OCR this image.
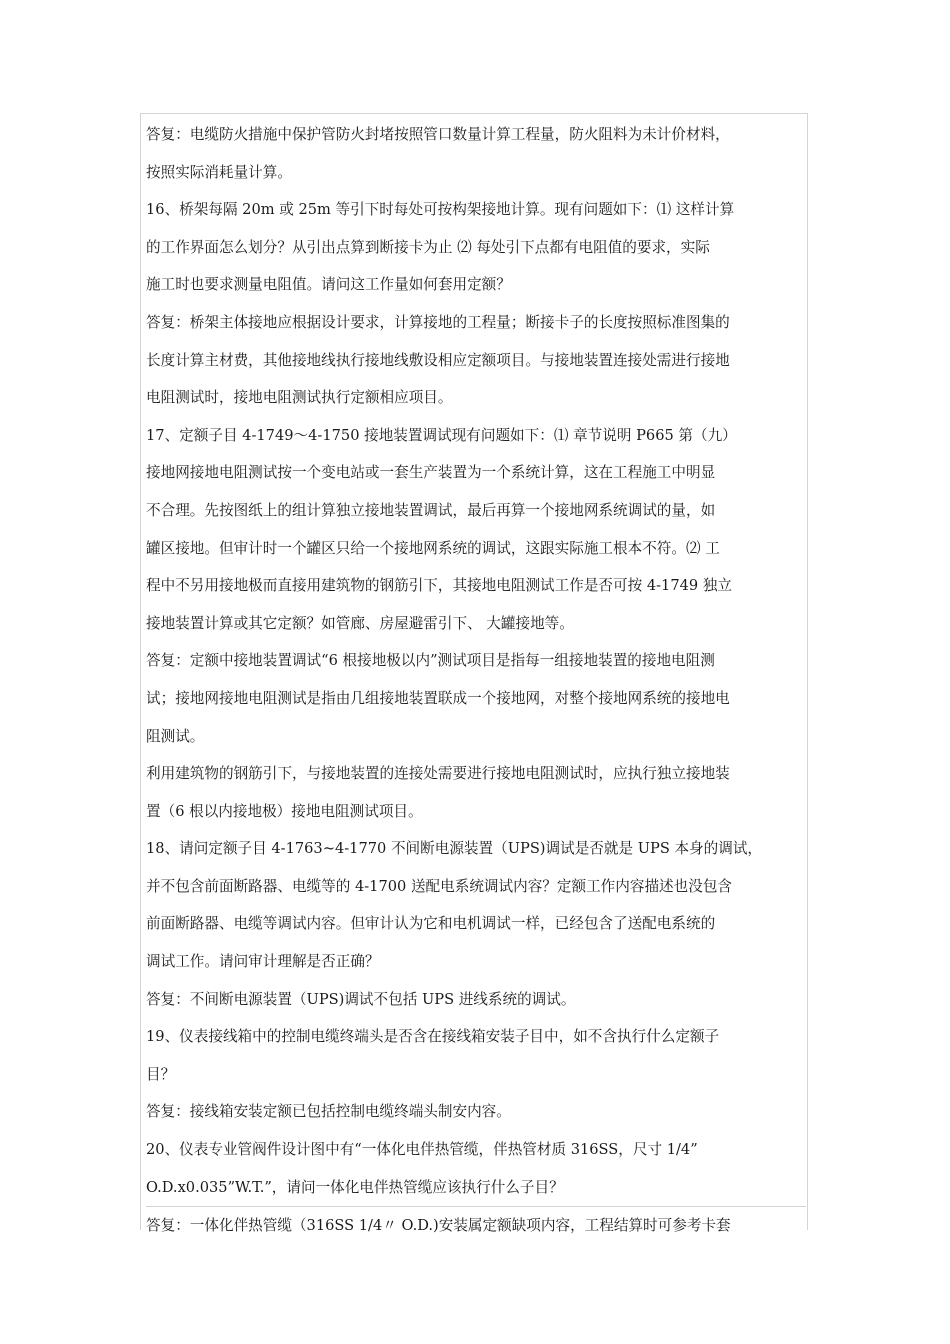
答复：电缆防火措施中保护管防火封堵按照管口数量计算工程量，防火阻料为未计价材料，
按照实际消耗量计算。
16、桥架每隔 20m 或 25m 等引下时每处可按构架接地计算。现有问题如下：⑴ 这样计算
的工作界面怎么划分？从引出点算到断接卡为止 ⑵ 每处引下点都有电阻值的要求，实际
施工时也要求测量电阻值。请问这工作量如何套用定额？
答复：桥架主体接地应根据设计要求，计算接地的工程量；断接卡子的长度按照标准图集的
长度计算主材费，其他接地线执行接地线敷设相应定额项目。与接地装置连接处需进行接地
电阻测试时，接地电阻测试执行定额相应项目。
17、定额子目 4-1749～4-1750 接地装置调试现有问题如下：⑴ 章节说明 P665 第（九）
接地网接地电阻测试按一个变电站或一套生产装置为一个系统计算，这在工程施工中明显
不合理。先按图纸上的组计算独立接地装置调试，最后再算一个接地网系统调试的量，如
罐区接地。但审计时一个罐区只给一个接地网系统的调试，这跟实际施工根本不符。⑵ 工
程中不另用接地极而直接用建筑物的钢筋引下，其接地电阻测试工作是否可按 4-1749 独立
接地装置计算或其它定额？如管廊、房屋避雷引下、 大罐接地等。
答复：定额中接地装置调试“6 根接地极以内”测试项目是指每一组接地装置的接地电阻测
试；接地网接地电阻测试是指由几组接地装置联成一个接地网，对整个接地网系统的接地电
阻测试。
利用建筑物的钢筋引下，与接地装置的连接处需要进行接地电阻测试时，应执行独立接地装
置（6 根以内接地极）接地电阻测试项目。
18、请问定额子目 4-1763~4-1770 不间断电源装置（UPS)调试是否就是 UPS 本身的调试，
并不包含前面断路器、电缆等的 4-1700 送配电系统调试内容？定额工作内容描述也没包含
前面断路器、电缆等调试内容。但审计认为它和电机调试一样，已经包含了送配电系统的
调试工作。请问审计理解是否正确？
答复：不间断电源装置（UPS)调试不包括 UPS 进线系统的调试。
19、仪表接线箱中的控制电缆终端头是否含在接线箱安装子目中，如不含执行什么定额子
目？
答复：接线箱安装定额已包括控制电缆终端头制安内容。
20、仪表专业管阀件设计图中有“一体化电伴热管缆，伴热管材质 316SS，尺寸 1/4”
O.D.x0.035”W.T.”，请问一体化电伴热管缆应该执行什么子目？
答复：一体化伴热管缆（316SS 1/4〃 O.D.)安装属定额缺项内容，工程结算时可参考卡套
